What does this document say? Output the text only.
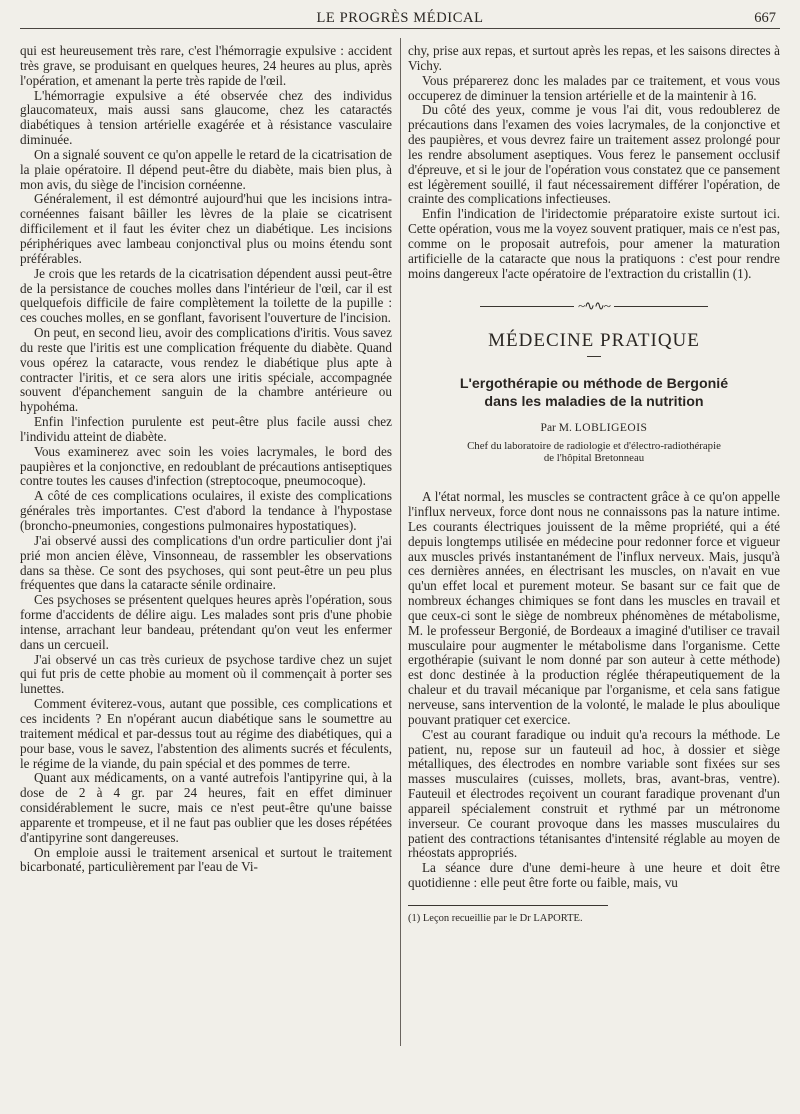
LE PROGRÈS MÉDICAL	667

qui est heureusement très rare, c'est l'hémorragie expulsive : accident très grave, se produisant en quelques heures, 24 heures au plus, après l'opération, et amenant la perte très rapide de l'œil.

L'hémorragie expulsive a été observée chez des individus glaucomateux, mais aussi sans glaucome, chez les cataractés diabétiques à tension artérielle exagérée et à résistance vasculaire diminuée.

On a signalé souvent ce qu'on appelle le retard de la cicatrisation de la plaie opératoire. Il dépend peut-être du diabète, mais bien plus, à mon avis, du siège de l'incision cornéenne.

Généralement, il est démontré aujourd'hui que les incisions intra-cornéennes faisant bâiller les lèvres de la plaie se cicatrisent difficilement et il faut les éviter chez un diabétique. Les incisions périphériques avec lambeau conjonctival plus ou moins étendu sont préférables.

Je crois que les retards de la cicatrisation dépendent aussi peut-être de la persistance de couches molles dans l'intérieur de l'œil, car il est quelquefois difficile de faire complètement la toilette de la pupille : ces couches molles, en se gonflant, favorisent l'ouverture de l'incision.

On peut, en second lieu, avoir des complications d'iritis. Vous savez du reste que l'iritis est une complication fréquente du diabète. Quand vous opérez la cataracte, vous rendez le diabétique plus apte à contracter l'iritis, et ce sera alors une iritis spéciale, accompagnée souvent d'épanchement sanguin de la chambre antérieure ou hypohéma.

Enfin l'infection purulente est peut-être plus facile aussi chez l'individu atteint de diabète.

Vous examinerez avec soin les voies lacrymales, le bord des paupières et la conjonctive, en redoublant de précautions antiseptiques contre toutes les causes d'infection (streptocoque, pneumocoque).

A côté de ces complications oculaires, il existe des complications générales très importantes. C'est d'abord la tendance à l'hypostase (broncho-pneumonies, congestions pulmonaires hypostatiques).

J'ai observé aussi des complications d'un ordre particulier dont j'ai prié mon ancien élève, Vinsonneau, de rassembler les observations dans sa thèse. Ce sont des psychoses, qui sont peut-être un peu plus fréquentes que dans la cataracte sénile ordinaire.

Ces psychoses se présentent quelques heures après l'opération, sous forme d'accidents de délire aigu. Les malades sont pris d'une phobie intense, arrachant leur bandeau, prétendant qu'on veut les enfermer dans un cercueil.

J'ai observé un cas très curieux de psychose tardive chez un sujet qui fut pris de cette phobie au moment où il commençait à porter ses lunettes.

Comment éviterez-vous, autant que possible, ces complications et ces incidents ? En n'opérant aucun diabétique sans le soumettre au traitement médical et par-dessus tout au régime des diabétiques, qui a pour base, vous le savez, l'abstention des aliments sucrés et féculents, le régime de la viande, du pain spécial et des pommes de terre.

Quant aux médicaments, on a vanté autrefois l'antipyrine qui, à la dose de 2 à 4 gr. par 24 heures, fait en effet diminuer considérablement le sucre, mais ce n'est peut-être qu'une baisse apparente et trompeuse, et il ne faut pas oublier que les doses répétées d'antipyrine sont dangereuses.

On emploie aussi le traitement arsenical et surtout le traitement bicarbonaté, particulièrement par l'eau de Vi-

chy, prise aux repas, et surtout après les repas, et les saisons directes à Vichy.

Vous préparerez donc les malades par ce traitement, et vous vous occuperez de diminuer la tension artérielle et de la maintenir à 16.

Du côté des yeux, comme je vous l'ai dit, vous redoublerez de précautions dans l'examen des voies lacrymales, de la conjonctive et des paupières, et vous devrez faire un traitement assez prolongé pour les rendre absolument aseptiques. Vous ferez le pansement occlusif d'épreuve, et si le jour de l'opération vous constatez que ce pansement est légèrement souillé, il faut nécessairement différer l'opération, de crainte des complications infectieuses.

Enfin l'indication de l'iridectomie préparatoire existe surtout ici. Cette opération, vous me la voyez souvent pratiquer, mais ce n'est pas, comme on le proposait autrefois, pour amener la maturation artificielle de la cataracte que nous la pratiquons : c'est pour rendre moins dangereux l'acte opératoire de l'extraction du cristallin (1).

~∿∿~
MÉDECINE PRATIQUE
L'ergothérapie ou méthode de Bergonié
dans les maladies de la nutrition
Par M. LOBLIGEOIS
Chef du laboratoire de radiologie et d'électro-radiothérapie
de l'hôpital Bretonneau

A l'état normal, les muscles se contractent grâce à ce qu'on appelle l'influx nerveux, force dont nous ne connaissons pas la nature intime. Les courants électriques jouissent de la même propriété, qui a été depuis longtemps utilisée en médecine pour redonner force et vigueur aux muscles privés instantanément de l'influx nerveux. Mais, jusqu'à ces dernières années, en électrisant les muscles, on n'avait en vue qu'un effet local et purement moteur. Se basant sur ce fait que de nombreux échanges chimiques se font dans les muscles en travail et que ceux-ci sont le siège de nombreux phénomènes de métabolisme, M. le professeur Bergonié, de Bordeaux a imaginé d'utiliser ce travail musculaire pour augmenter le métabolisme dans l'organisme. Cette ergothérapie (suivant le nom donné par son auteur à cette méthode) est donc destinée à la production réglée thérapeutiquement de la chaleur et du travail mécanique par l'organisme, et cela sans fatigue nerveuse, sans intervention de la volonté, le malade le plus aboulique pouvant pratiquer cet exercice.

C'est au courant faradique ou induit qu'a recours la méthode. Le patient, nu, repose sur un fauteuil ad hoc, à dossier et siège métalliques, des électrodes en nombre variable sont fixées sur ses masses musculaires (cuisses, mollets, bras, avant-bras, ventre). Fauteuil et électrodes reçoivent un courant faradique provenant d'un appareil spécialement construit et rythmé par un métronome inverseur. Ce courant provoque dans les masses musculaires du patient des contractions tétanisantes d'intensité réglable au moyen de rhéostats appropriés.

La séance dure d'une demi-heure à une heure et doit être quotidienne : elle peut être forte ou faible, mais, vu

(1) Leçon recueillie par le Dr LAPORTE.
